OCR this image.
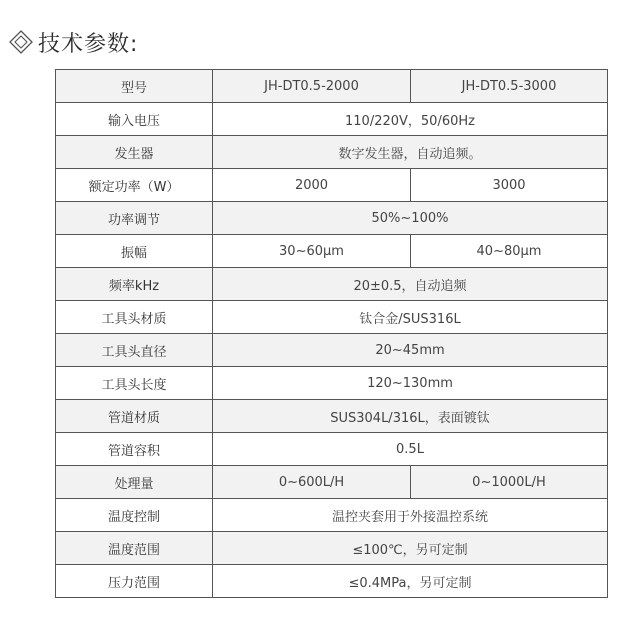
技术参数:
型号	JH-DT0.5-2000	JH-DT0.5-3000
输入电压	110/220V，50/60Hz	
发生器	数字发生器，自动追频。	
额定功率（W）	2000	3000
功率调节	50%~100%	
振幅	30~60μm	40~80μm
频率kHz	20±0.5，自动追频	
工具头材质	钛合金/SUS316L	
工具头直径	20~45mm	
工具头长度	120~130mm	
管道材质	SUS304L/316L，表面镀钛	
管道容积	0.5L	
处理量	0~600L/H	0~1000L/H
温度控制	温控夹套用于外接温控系统	
温度范围	≤100℃，另可定制	
压力范围	≤0.4MPa，另可定制	
